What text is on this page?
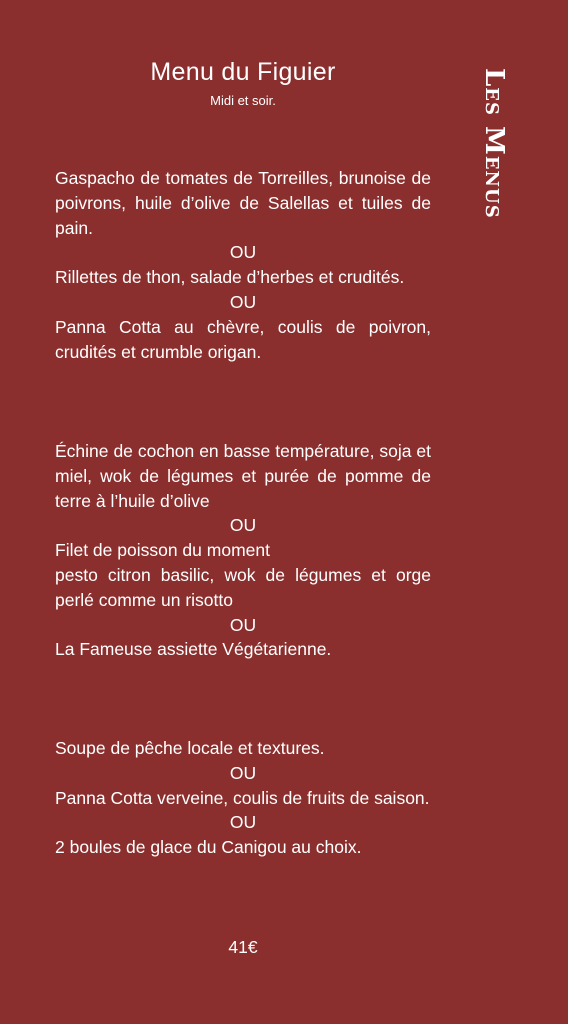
Menu du Figuier
Midi et soir.	Les Menus

Gaspacho de tomates de Torreilles, brunoise de poivrons, huile d’olive de Salellas et tuiles de pain.

OU

Rillettes de thon, salade d’herbes et crudités.

OU

Panna Cotta au chèvre, coulis de poivron, crudités et crumble origan.

Échine de cochon en basse température, soja et miel, wok de légumes et purée de pomme de terre à l’huile d’olive

OU

Filet de poisson du moment

pesto citron basilic, wok de légumes et orge perlé comme un risotto

OU

La Fameuse assiette Végétarienne.

Soupe de pêche locale et textures.

OU

Panna Cotta verveine, coulis de fruits de saison.

OU

2 boules de glace du Canigou au choix.

41€
